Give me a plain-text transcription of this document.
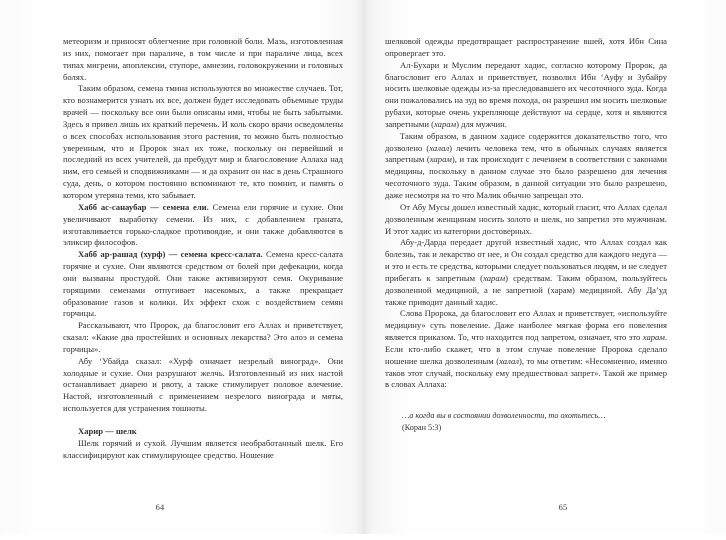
метеоризм и приносят облегчение при головной боли. Мазь, изготовленная из них, помогает при параличе, в том числе и при параличе лица, всех типах мигрени, апоплексии, ступоре, амнезии, головокружении и головных болях.

Таким образом, семена тмина используются во множестве случаев. Тот, кто вознамерится узнать их все, должен будет исследовать объемные труды врачей — поскольку все они были описаны ими, чтобы не быть забытыми. Здесь я привел лишь их краткий перечень. И коль скоро врачи осведомлены о всех способах использования этого растения, то можно быть полностью уверенным, что и Пророк знал их тоже, поскольку он первейший и последний из всех учителей, да пребудут мир и благословение Аллаха над ним, его семьей и сподвижниками — и да охранит он нас в день Страшного суда, день, о котором постоянно вспоминают те, кто помнит, и память о котором утеряна теми, кто забывает.

Хабб ас-санаубар — семена ели. Семена ели горячие и сухие. Они увеличивают выработку семени. Из них, с добавлением граната, изготавливается горько-сладкое противоядие, и они также добавляются в эликсир философов.

Хабб ар-рашад (хурф) — семена кресс-салата. Семена кресс-салата горячие и сухие. Они являются средством от болей при дефекации, когда они вызваны простудой. Они также активизируют семя. Окуривание горящими семенами отпугивает насекомых, а также прекращает образование газов и колики. Их эффект схож с воздействием семян горчицы.

Рассказывают, что Пророк, да благословит его Аллах и приветствует, сказал: «Какие два простейших и основных лекарства? Это алоэ и семена горчицы».

Абу ‘Убайда сказал: «Хурф означает незрелый виноград». Они холодные и сухие. Они разрушают желчь. Изготовленный из них настой останавливает диарею и рвоту, а также стимулирует половое влечение. Настой, изготовленный с применением незрелого винограда и мяты, используется для устранения тошноты.

Харир — шелк

Шелк горячий и сухой. Лучшим является необработанный шелк. Его классифицируют как стимулирующее средство. Ношение

64

шелковой одежды предотвращает распространение вшей, хотя Ибн Сина опровергает это.

Ал-Бухари и Муслим передают хадис, согласно которому Пророк, да благословит его Аллах и приветствует, позволил Ибн ‘Ауфу и Зубайру носить шелковые одежды из-за преследовавшего их чесоточного зуда. Когда они пожаловались на зуд во время похода, он разрешил им носить шелковые рубахи, которые очень укрепляюще действуют на сердце, хотя и являются запретными (харам) для мужчин.

Таким образом, в данном хадисе содержится доказательство того, что дозволено (халал) лечить человека тем, что в обычных случаях является запретным (харам), и так происходит с лечением в соответствии с законами медицины, поскольку в данном случае это было разрешено для лечения чесоточного зуда. Таким образом, в данной ситуации это было разрешено, даже несмотря на то что Малик обычно запрещал это.

От Абу Мусы дошел известный хадис, который гласит, что Аллах сделал дозволенным женщинам носить золото и шелк, но запретил это мужчинам. И этот хадис из категории достоверных.

Абу-д-Дарда передает другой известный хадис, что Аллах создал как болезнь, так и лекарство от нее, и Он создал средство для каждого недуга — и это и есть те средства, которыми следует пользоваться людям, и не следует прибегать к запретным (харам) средствам. Таким образом, пользуйтесь дозволенной медициной, а не запретной (харам) медициной. Абу Да’уд также приводит данный хадис.

Слова Пророка, да благословит его Аллах и приветствует, «используйте медицину» суть повеление. Даже наиболее мягкая форма его повеления является приказом. То, что находится под запретом, означает, что это харам. Если кто-либо скажет, что в этом случае повеление Пророка сделало ношение шелка дозволенным (халал), то мы ответим: «Несомненно, именно таков этот случай, поскольку ему предшествовал запрет». Такой же пример в словах Аллаха:

…а когда вы в состоянии дозволенности, то охотьтесь…
(Коран 5:3)
65
